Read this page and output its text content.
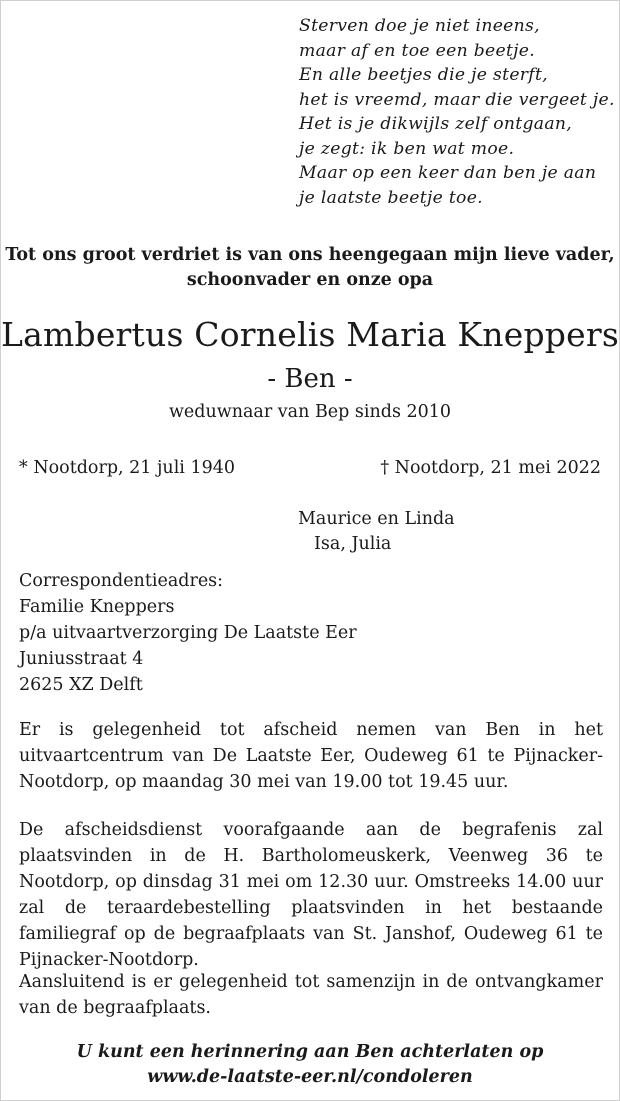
Sterven doe je niet ineens,
maar af en toe een beetje.
En alle beetjes die je sterft,
het is vreemd, maar die vergeet je.
Het is je dikwijls zelf ontgaan,
je zegt: ik ben wat moe.
Maar op een keer dan ben je aan
je laatste beetje toe.
Tot ons groot verdriet is van ons heengegaan mijn lieve vader,
schoonvader en onze opa
Lambertus Cornelis Maria Kneppers
- Ben -
weduwnaar van Bep sinds 2010
* Nootdorp, 21 juli 1940	† Nootdorp, 21 mei 2022
Maurice en Linda
Isa, Julia
Correspondentieadres:
Familie Kneppers
p/a uitvaartverzorging De Laatste Eer
Juniusstraat 4
2625 XZ Delft
Er is gelegenheid tot afscheid nemen van Ben in het uitvaartcentrum van De Laatste Eer, Oudeweg 61 te Pijnacker-Nootdorp, op maandag 30 mei van 19.00 tot 19.45 uur.
De afscheidsdienst voorafgaande aan de begrafenis zal plaatsvinden in de H. Bartholomeuskerk, Veenweg 36 te Nootdorp, op dinsdag 31 mei om 12.30 uur. Omstreeks 14.00 uur zal de teraardebestelling plaatsvinden in het bestaande familiegraf op de begraafplaats van St. Janshof, Oudeweg 61 te Pijnacker-Nootdorp.
Aansluitend is er gelegenheid tot samenzijn in de ontvangkamer van de begraafplaats.
U kunt een herinnering aan Ben achterlaten op
www.de-laatste-eer.nl/condoleren
